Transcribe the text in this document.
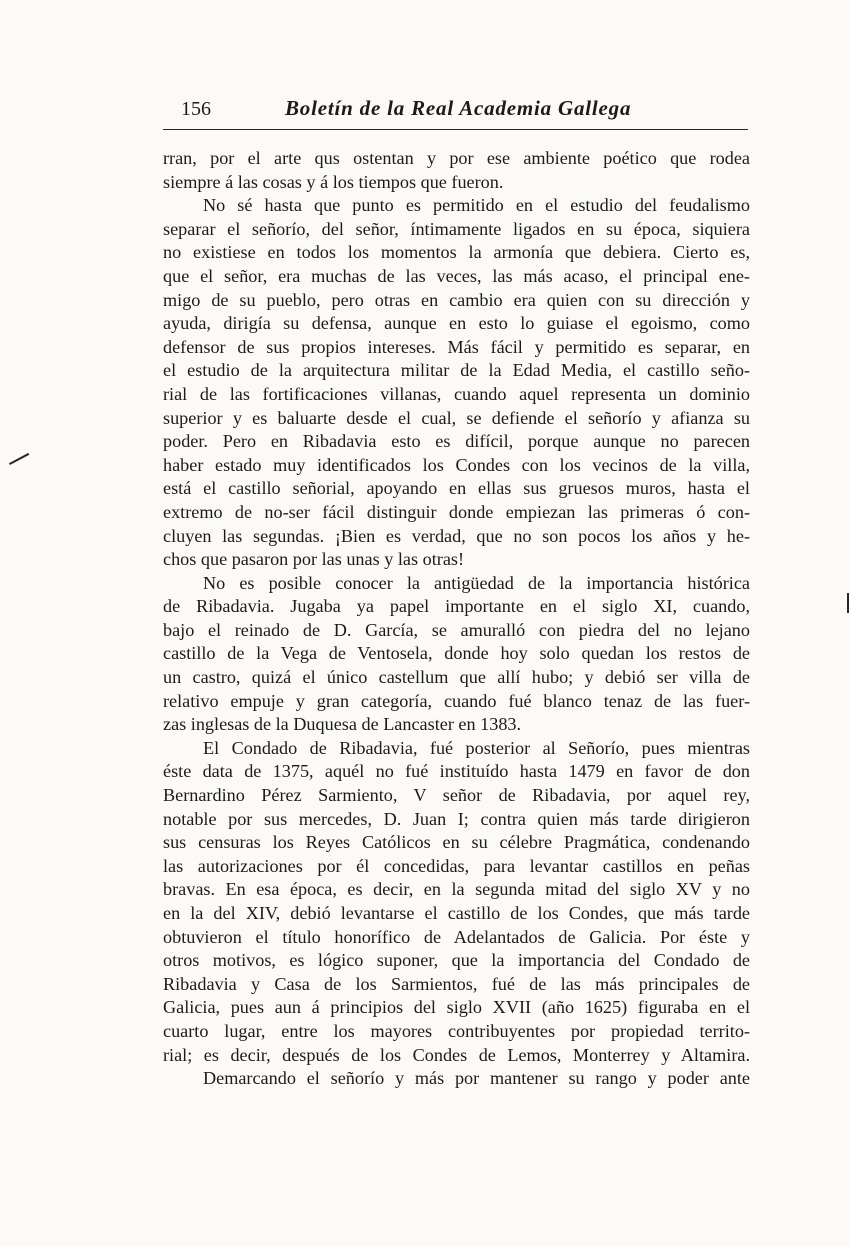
156	Boletín de la Real Academia Gallega
rran, por el arte qus ostentan y por ese ambiente poético que rodea
siempre á las cosas y á los tiempos que fueron.
No sé hasta que punto es permitido en el estudio del feudalismo
separar el señorío, del señor, íntimamente ligados en su época, siquiera
no existiese en todos los momentos la armonía que debiera. Cierto es,
que el señor, era muchas de las veces, las más acaso, el principal ene-
migo de su pueblo, pero otras en cambio era quien con su dirección y
ayuda, dirigía su defensa, aunque en esto lo guiase el egoismo, como
defensor de sus propios intereses. Más fácil y permitido es separar, en
el estudio de la arquitectura militar de la Edad Media, el castillo seño-
rial de las fortificaciones villanas, cuando aquel representa un dominio
superior y es baluarte desde el cual, se defiende el señorío y afianza su
poder. Pero en Ribadavia esto es difícil, porque aunque no parecen
haber estado muy identificados los Condes con los vecinos de la villa,
está el castillo señorial, apoyando en ellas sus gruesos muros, hasta el
extremo de no-ser fácil distinguir donde empiezan las primeras ó con-
cluyen las segundas. ¡Bien es verdad, que no son pocos los años y he-
chos que pasaron por las unas y las otras!
No es posible conocer la antigüedad de la importancia histórica
de Ribadavia. Jugaba ya papel importante en el siglo XI, cuando,
bajo el reinado de D. García, se amuralló con piedra del no lejano
castillo de la Vega de Ventosela, donde hoy solo quedan los restos de
un castro, quizá el único castellum que allí hubo; y debió ser villa de
relativo empuje y gran categoría, cuando fué blanco tenaz de las fuer-
zas inglesas de la Duquesa de Lancaster en 1383.
El Condado de Ribadavia, fué posterior al Señorío, pues mientras
éste data de 1375, aquél no fué instituído hasta 1479 en favor de don
Bernardino Pérez Sarmiento, V señor de Ribadavia, por aquel rey,
notable por sus mercedes, D. Juan I; contra quien más tarde dirigieron
sus censuras los Reyes Católicos en su célebre Pragmática, condenando
las autorizaciones por él concedidas, para levantar castillos en peñas
bravas. En esa época, es decir, en la segunda mitad del siglo XV y no
en la del XIV, debió levantarse el castillo de los Condes, que más tarde
obtuvieron el título honorífico de Adelantados de Galicia. Por éste y
otros motivos, es lógico suponer, que la importancia del Condado de
Ribadavia y Casa de los Sarmientos, fué de las más principales de
Galicia, pues aun á principios del siglo XVII (año 1625) figuraba en el
cuarto lugar, entre los mayores contribuyentes por propiedad territo-
rial; es decir, después de los Condes de Lemos, Monterrey y Altamira.
Demarcando el señorío y más por mantener su rango y poder ante
